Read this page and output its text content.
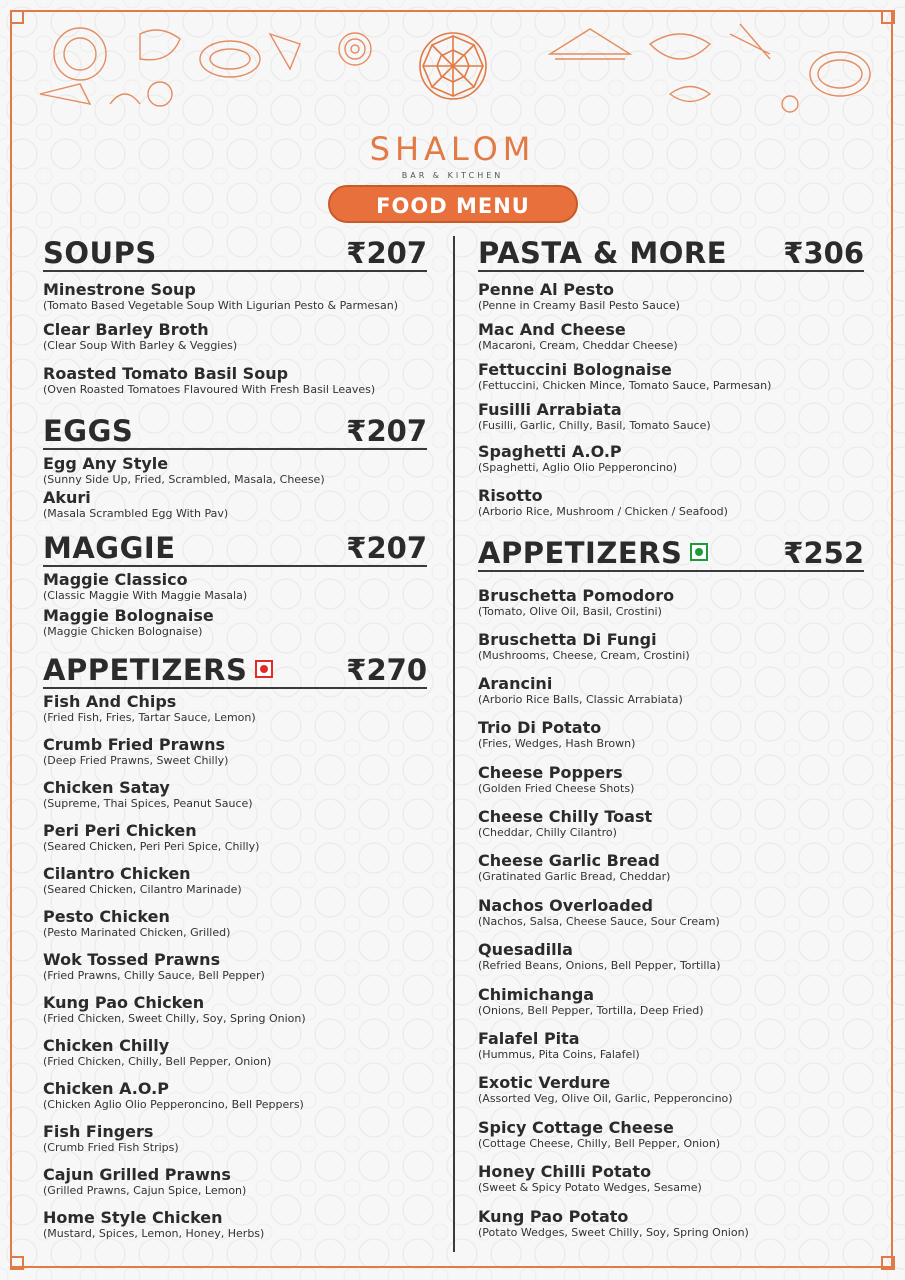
SHALOM
BAR & KITCHEN
FOOD MENU
SOUPS	₹207
Minestrone Soup
(Tomato Based Vegetable Soup With Ligurian Pesto & Parmesan)
Clear Barley Broth
(Clear Soup With Barley & Veggies)
Roasted Tomato Basil Soup
(Oven Roasted Tomatoes Flavoured With Fresh Basil Leaves)
EGGS	₹207
Egg Any Style
(Sunny Side Up, Fried, Scrambled, Masala, Cheese)
Akuri
(Masala Scrambled Egg With Pav)
MAGGIE	₹207
Maggie Classico
(Classic Maggie With Maggie Masala)
Maggie Bolognaise
(Maggie Chicken Bolognaise)
APPETIZERS	₹270
Fish And Chips
(Fried Fish, Fries, Tartar Sauce, Lemon)
Crumb Fried Prawns
(Deep Fried Prawns, Sweet Chilly)
Chicken Satay
(Supreme, Thai Spices, Peanut Sauce)
Peri Peri Chicken
(Seared Chicken, Peri Peri Spice, Chilly)
Cilantro Chicken
(Seared Chicken, Cilantro Marinade)
Pesto Chicken
(Pesto Marinated Chicken, Grilled)
Wok Tossed Prawns
(Fried Prawns, Chilly Sauce, Bell Pepper)
Kung Pao Chicken
(Fried Chicken, Sweet Chilly, Soy, Spring Onion)
Chicken Chilly
(Fried Chicken, Chilly, Bell Pepper, Onion)
Chicken A.O.P
(Chicken Aglio Olio Pepperoncino, Bell Peppers)
Fish Fingers
(Crumb Fried Fish Strips)
Cajun Grilled Prawns
(Grilled Prawns, Cajun Spice, Lemon)
Home Style Chicken
(Mustard, Spices, Lemon, Honey, Herbs)
PASTA & MORE ₹306
Penne Al Pesto
(Penne in Creamy Basil Pesto Sauce)
Mac And Cheese
(Macaroni, Cream, Cheddar Cheese)
Fettuccini Bolognaise
(Fettuccini, Chicken Mince, Tomato Sauce, Parmesan)
Fusilli Arrabiata
(Fusilli, Garlic, Chilly, Basil, Tomato Sauce)
Spaghetti A.O.P
(Spaghetti, Aglio Olio Pepperoncino)
Risotto
(Arborio Rice, Mushroom / Chicken / Seafood)
APPETIZERS	₹252
Bruschetta Pomodoro
(Tomato, Olive Oil, Basil, Crostini)
Bruschetta Di Fungi
(Mushrooms, Cheese, Cream, Crostini)
Arancini
(Arborio Rice Balls, Classic Arrabiata)
Trio Di Potato
(Fries, Wedges, Hash Brown)
Cheese Poppers
(Golden Fried Cheese Shots)
Cheese Chilly Toast
(Cheddar, Chilly Cilantro)
Cheese Garlic Bread
(Gratinated Garlic Bread, Cheddar)
Nachos Overloaded
(Nachos, Salsa, Cheese Sauce, Sour Cream)
Quesadilla
(Refried Beans, Onions, Bell Pepper, Tortilla)
Chimichanga
(Onions, Bell Pepper, Tortilla, Deep Fried)
Falafel Pita
(Hummus, Pita Coins, Falafel)
Exotic Verdure
(Assorted Veg, Olive Oil, Garlic, Pepperoncino)
Spicy Cottage Cheese
(Cottage Cheese, Chilly, Bell Pepper, Onion)
Honey Chilli Potato
(Sweet & Spicy Potato Wedges, Sesame)
Kung Pao Potato
(Potato Wedges, Sweet Chilly, Soy, Spring Onion)
